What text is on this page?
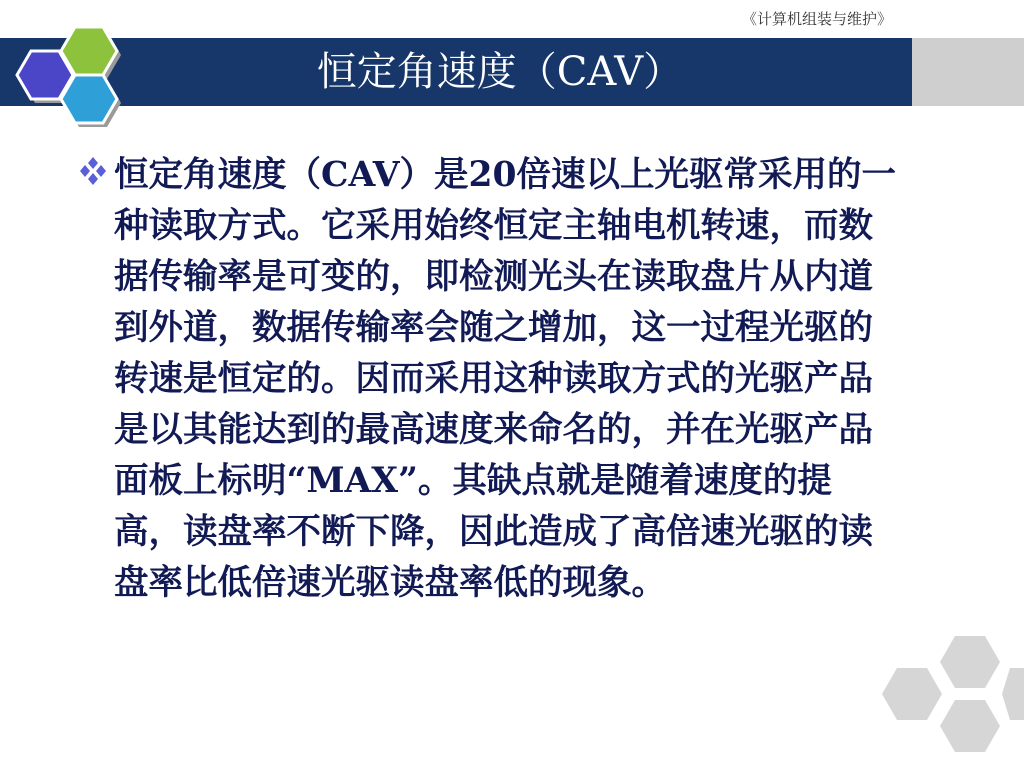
《计算机组装与维护》
恒定角速度（CAV）
恒定角速度（CAV）是20倍速以上光驱常采用的一种读取方式。它采用始终恒定主轴电机转速，而数据传输率是可变的，即检测光头在读取盘片从内道到外道，数据传输率会随之增加，这一过程光驱的转速是恒定的。因而采用这种读取方式的光驱产品是以其能达到的最高速度来命名的，并在光驱产品面板上标明“MAX”。其缺点就是随着速度的提高，读盘率不断下降，因此造成了高倍速光驱的读盘率比低倍速光驱读盘率低的现象。
